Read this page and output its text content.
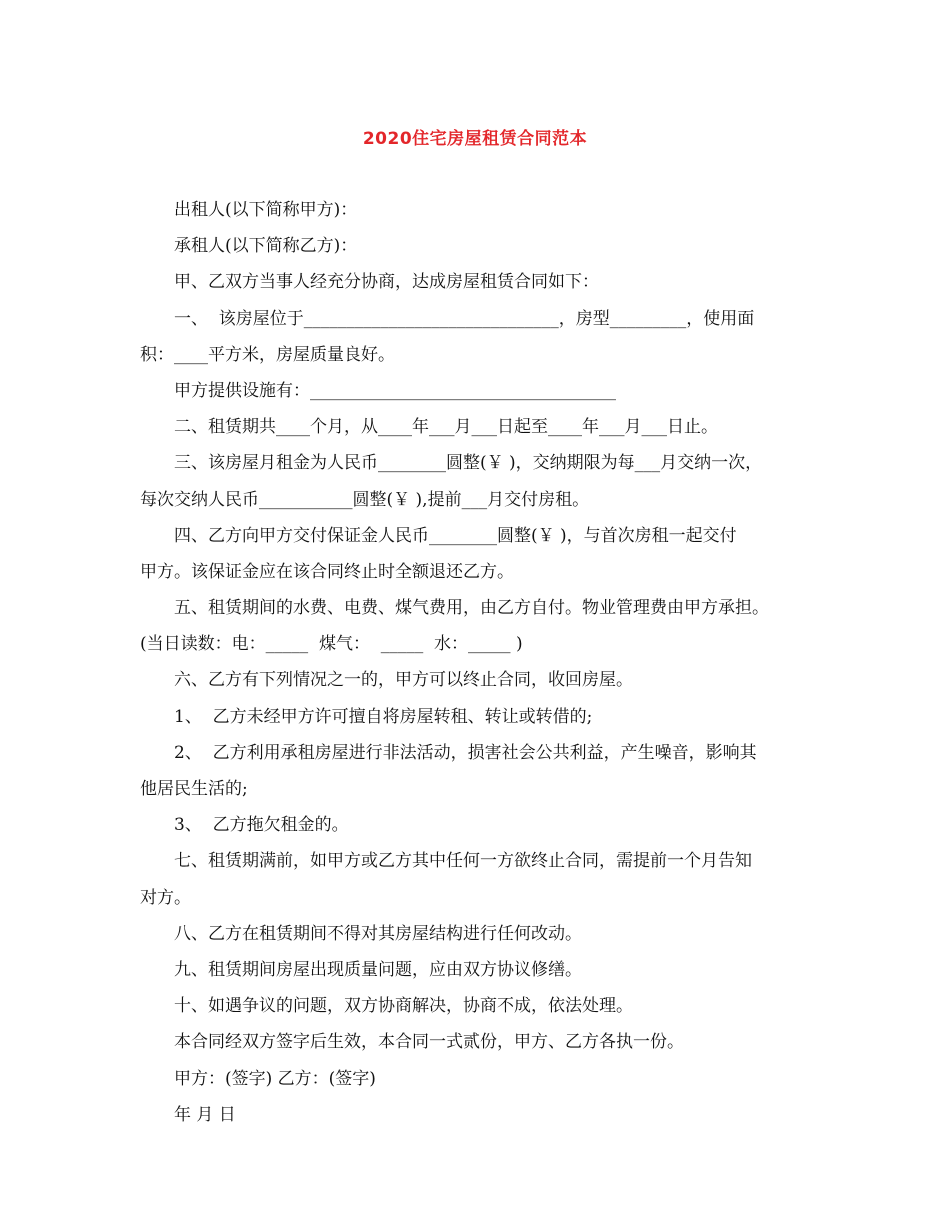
2020住宅房屋租赁合同范本
出租人(以下简称甲方)：
承租人(以下简称乙方)：
甲、乙双方当事人经充分协商，达成房屋租赁合同如下：
一、  该房屋位于______________________________，房型_________，使用面
积：____平方米，房屋质量良好。
甲方提供设施有：____________________________________
二、租赁期共____个月，从____年___月___日起至____年___月___日止。
三、该房屋月租金为人民币________圆整(￥ )，交纳期限为每___月交纳一次，
每次交纳人民币___________圆整(￥ ),提前___月交付房租。
四、乙方向甲方交付保证金人民币________圆整(￥ )，与首次房租一起交付
甲方。该保证金应在该合同终止时全额退还乙方。
五、租赁期间的水费、电费、煤气费用，由乙方自付。物业管理费由甲方承担。
(当日读数：电：_____  煤气：  _____  水：_____ )
六、乙方有下列情况之一的，甲方可以终止合同，收回房屋。
1、  乙方未经甲方许可擅自将房屋转租、转让或转借的;
2、  乙方利用承租房屋进行非法活动，损害社会公共利益，产生噪音，影响其
他居民生活的;
3、  乙方拖欠租金的。
七、租赁期满前，如甲方或乙方其中任何一方欲终止合同，需提前一个月告知
对方。
八、乙方在租赁期间不得对其房屋结构进行任何改动。
九、租赁期间房屋出现质量问题，应由双方协议修缮。
十、如遇争议的问题，双方协商解决，协商不成，依法处理。
本合同经双方签字后生效，本合同一式贰份，甲方、乙方各执一份。
甲方：(签字) 乙方：(签字)
年 月 日
